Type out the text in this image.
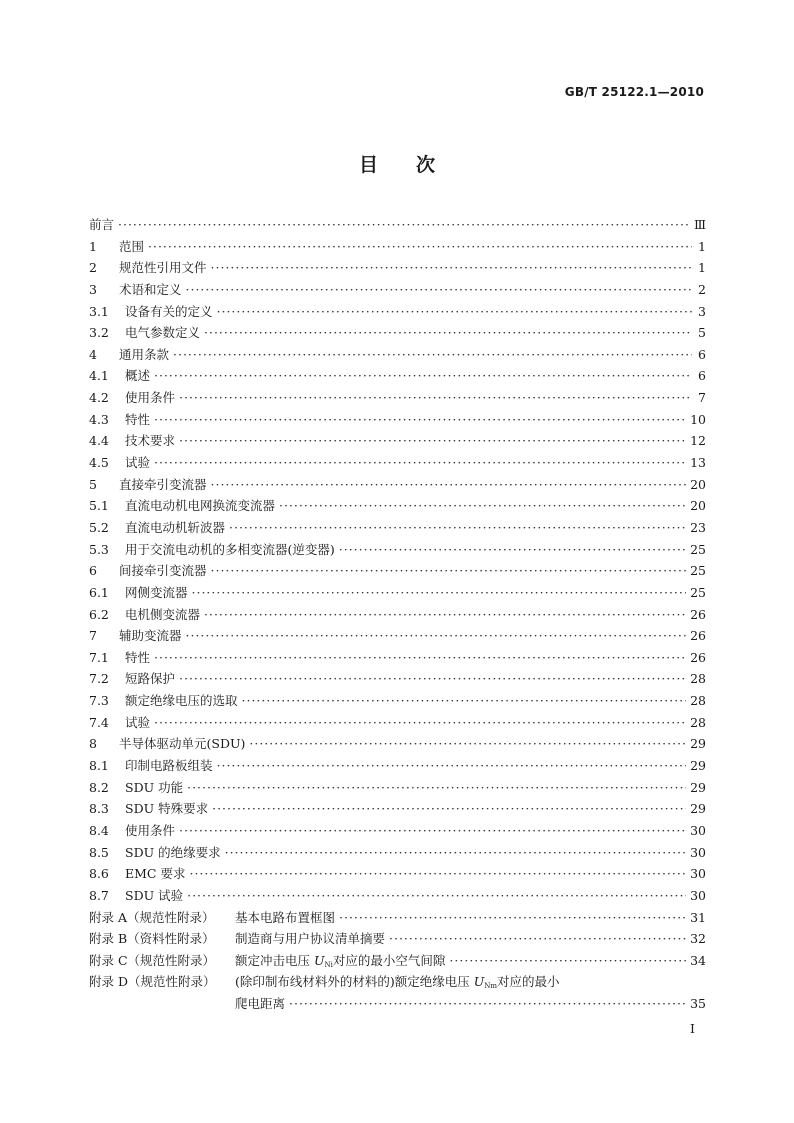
GB/T 25122.1—2010
目次
前言 ·····	Ⅲ
1	范围 ·····	1
2	规范性引用文件 ·····	1
3	术语和定义 ·····	2
3.1	设备有关的定义 ·····	3
3.2	电气参数定义 ·····	5
4	通用条款 ·····	6
4.1	概述 ·····	6
4.2	使用条件 ·····	7
4.3	特性 ·····	10
4.4	技术要求 ·····	12
4.5	试验 ·····	13
5	直接牵引变流器 ·····	20
5.1	直流电动机电网换流变流器 ·····	20
5.2	直流电动机斩波器 ·····	23
5.3	用于交流电动机的多相变流器(逆变器) ·····	25
6	间接牵引变流器 ·····	25
6.1	网侧变流器 ·····	25
6.2	电机侧变流器 ·····	26
7	辅助变流器 ·····	26
7.1	特性 ·····	26
7.2	短路保护 ·····	28
7.3	额定绝缘电压的选取 ·····	28
7.4	试验 ·····	28
8	半导体驱动单元(SDU) ·····	29
8.1	印制电路板组装 ·····	29
8.2	SDU 功能 ·····	29
8.3	SDU 特殊要求 ·····	29
8.4	使用条件 ·····	30
8.5	SDU 的绝缘要求 ·····	30
8.6	EMC 要求 ·····	30
8.7	SDU 试验 ·····	30
附录 A（规范性附录）	基本电路布置框图 ·····	31
附录 B（资料性附录）	制造商与用户协议清单摘要 ·····	32
附录 C（规范性附录）	额定冲击电压 $U_{Ni}$对应的最小空气间隙 ·····	34
附录 D（规范性附录）	(除印制布线材料外的材料的)额定绝缘电压 $U_{Nm}$对应的最小
爬电距离 ·····	35
I
